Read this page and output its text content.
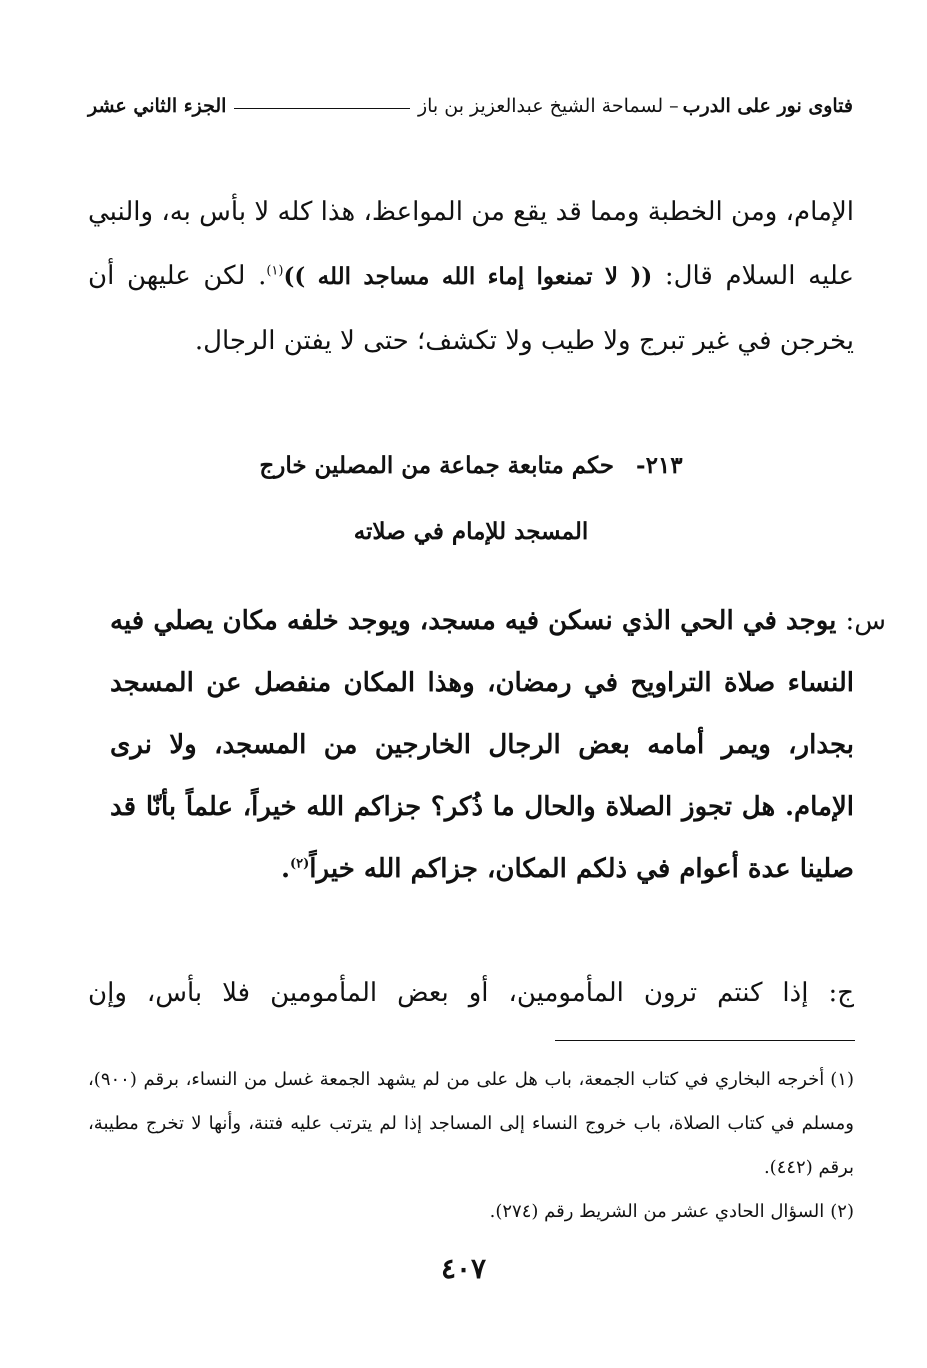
فتاوى نور على الدرب
– لسماحة الشيخ عبدالعزيز بن باز
الجزء الثاني عشر

الإمام، ومن الخطبة ومما قد يقع من المواعظ، هذا كله لا بأس به، والنبي عليه السلام قال: (( لا تمنعوا إماء الله مساجد الله ))$^{(١)}$. لكن عليهن أن يخرجن في غير تبرج ولا طيب ولا تكشف؛ حتى لا يفتن الرجال.

٢١٣-حكم متابعة جماعة من المصلين خارج
المسجد للإمام في صلاته

س: يوجد في الحي الذي نسكن فيه مسجد، ويوجد خلفه مكان يصلي فيه النساء صلاة التراويح في رمضان، وهذا المكان منفصل عن المسجد بجدار، ويمر أمامه بعض الرجال الخارجين من المسجد، ولا نرى الإمام. هل تجوز الصلاة والحال ما ذُكر؟ جزاكم الله خيراً، علماً بأنّا قد صلينا عدة أعوام في ذلكم المكان، جزاكم الله خيراً$^{(٢)}$.

ج: إذا كنتم ترون المأمومين، أو بعض المأمومين فلا بأس، وإن

(١)أخرجه البخاري في كتاب الجمعة، باب هل على من لم يشهد الجمعة غسل من النساء، برقم (٩٠٠)، ومسلم في كتاب الصلاة، باب خروج النساء إلى المساجد إذا لم يترتب عليه فتنة، وأنها لا تخرج مطيبة، برقم (٤٤٢).

(٢)السؤال الحادي عشر من الشريط رقم (٢٧٤).

٤٠٧
